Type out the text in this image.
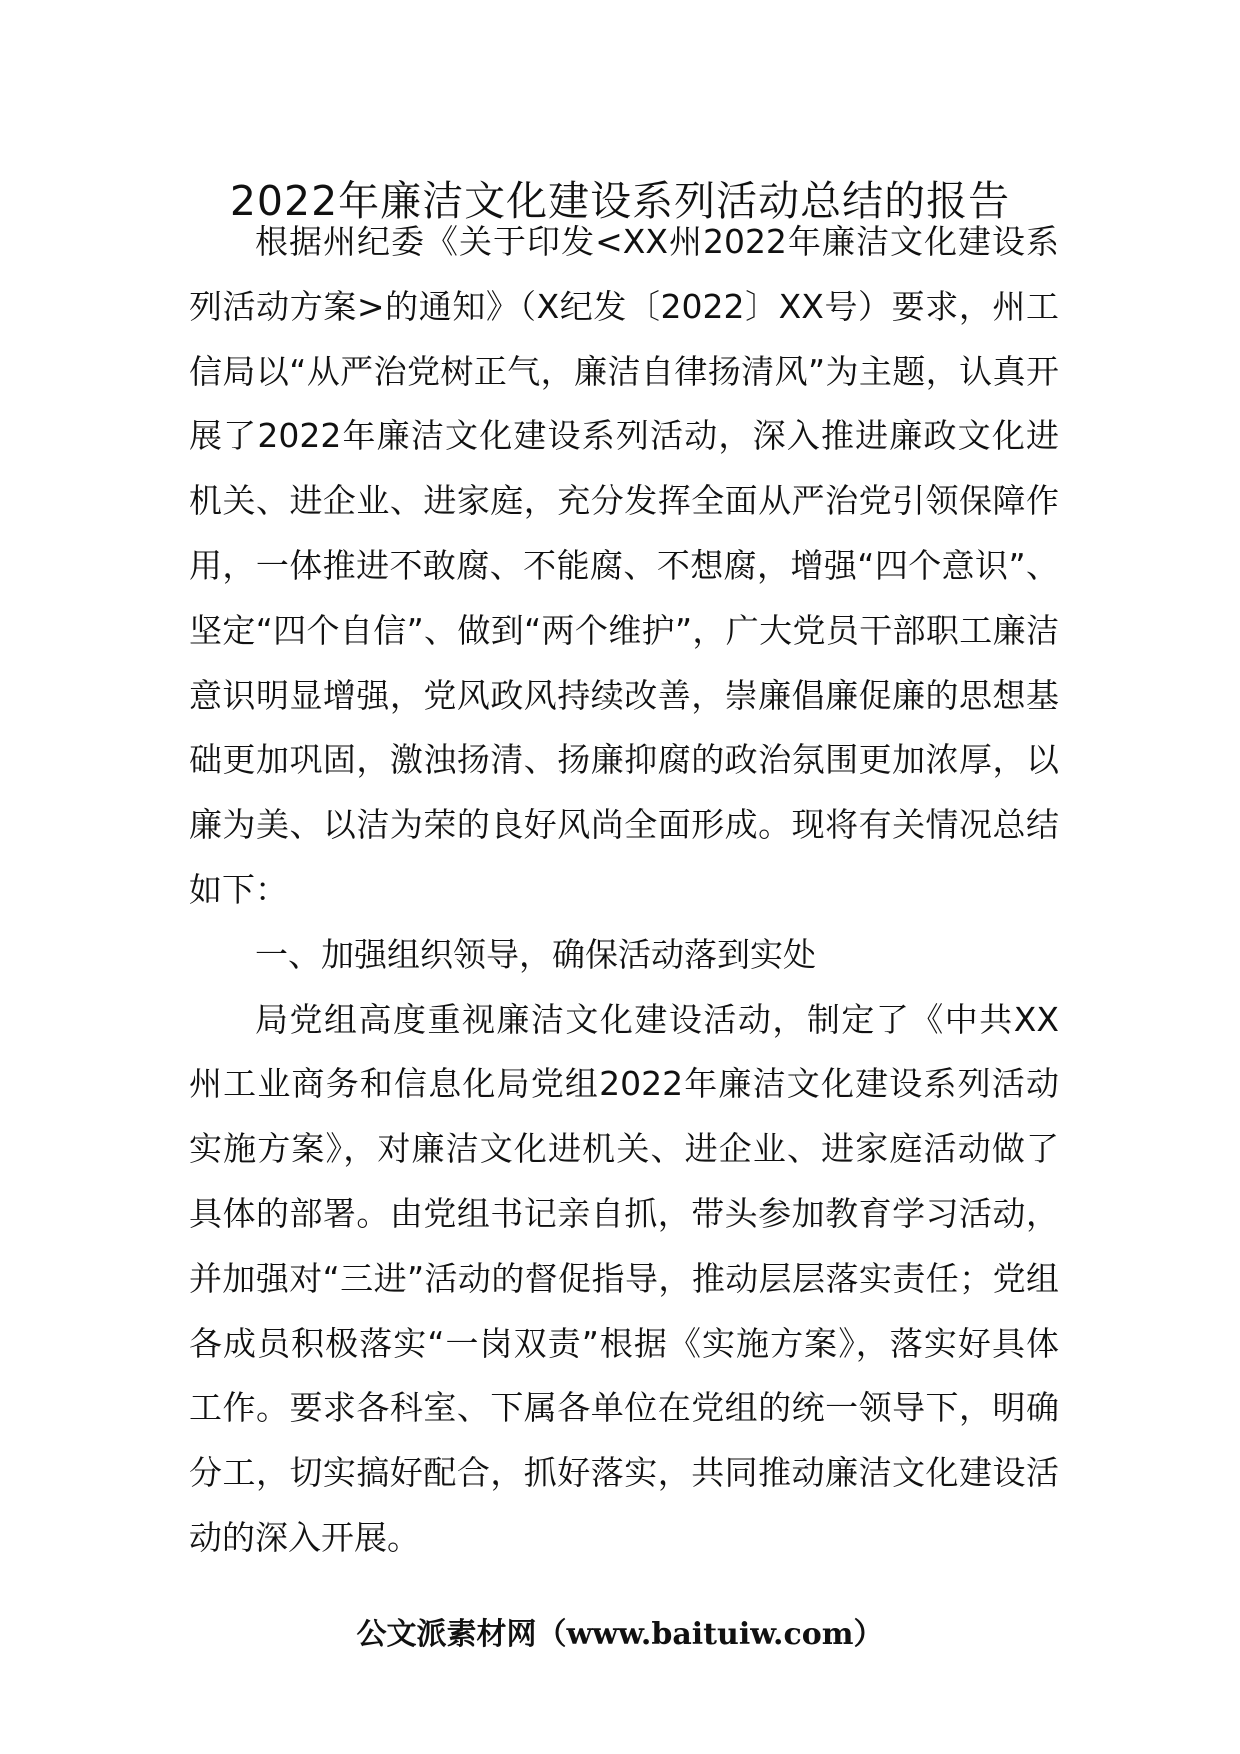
2022年廉洁文化建设系列活动总结的报告

根据州纪委《关于印发<XX州2022年廉洁文化建设系列活动方案>的通知》（X纪发〔2022〕XX号）要求，州工信局以“从严治党树正气，廉洁自律扬清风”为主题，认真开展了2022年廉洁文化建设系列活动，深入推进廉政文化进机关、进企业、进家庭，充分发挥全面从严治党引领保障作用，一体推进不敢腐、不能腐、不想腐，增强“四个意识”、坚定“四个自信”、做到“两个维护”，广大党员干部职工廉洁意识明显增强，党风政风持续改善，崇廉倡廉促廉的思想基础更加巩固，激浊扬清、扬廉抑腐的政治氛围更加浓厚，以廉为美、以洁为荣的良好风尚全面形成。现将有关情况总结如下：

一、加强组织领导，确保活动落到实处

局党组高度重视廉洁文化建设活动，制定了《中共XX州工业商务和信息化局党组2022年廉洁文化建设系列活动实施方案》，对廉洁文化进机关、进企业、进家庭活动做了具体的部署。由党组书记亲自抓，带头参加教育学习活动，并加强对“三进”活动的督促指导，推动层层落实责任；党组各成员积极落实“一岗双责”根据《实施方案》，落实好具体工作。要求各科室、下属各单位在党组的统一领导下，明确分工，切实搞好配合，抓好落实，共同推动廉洁文化建设活动的深入开展。

公文派素材网（www.baituiw.com）
